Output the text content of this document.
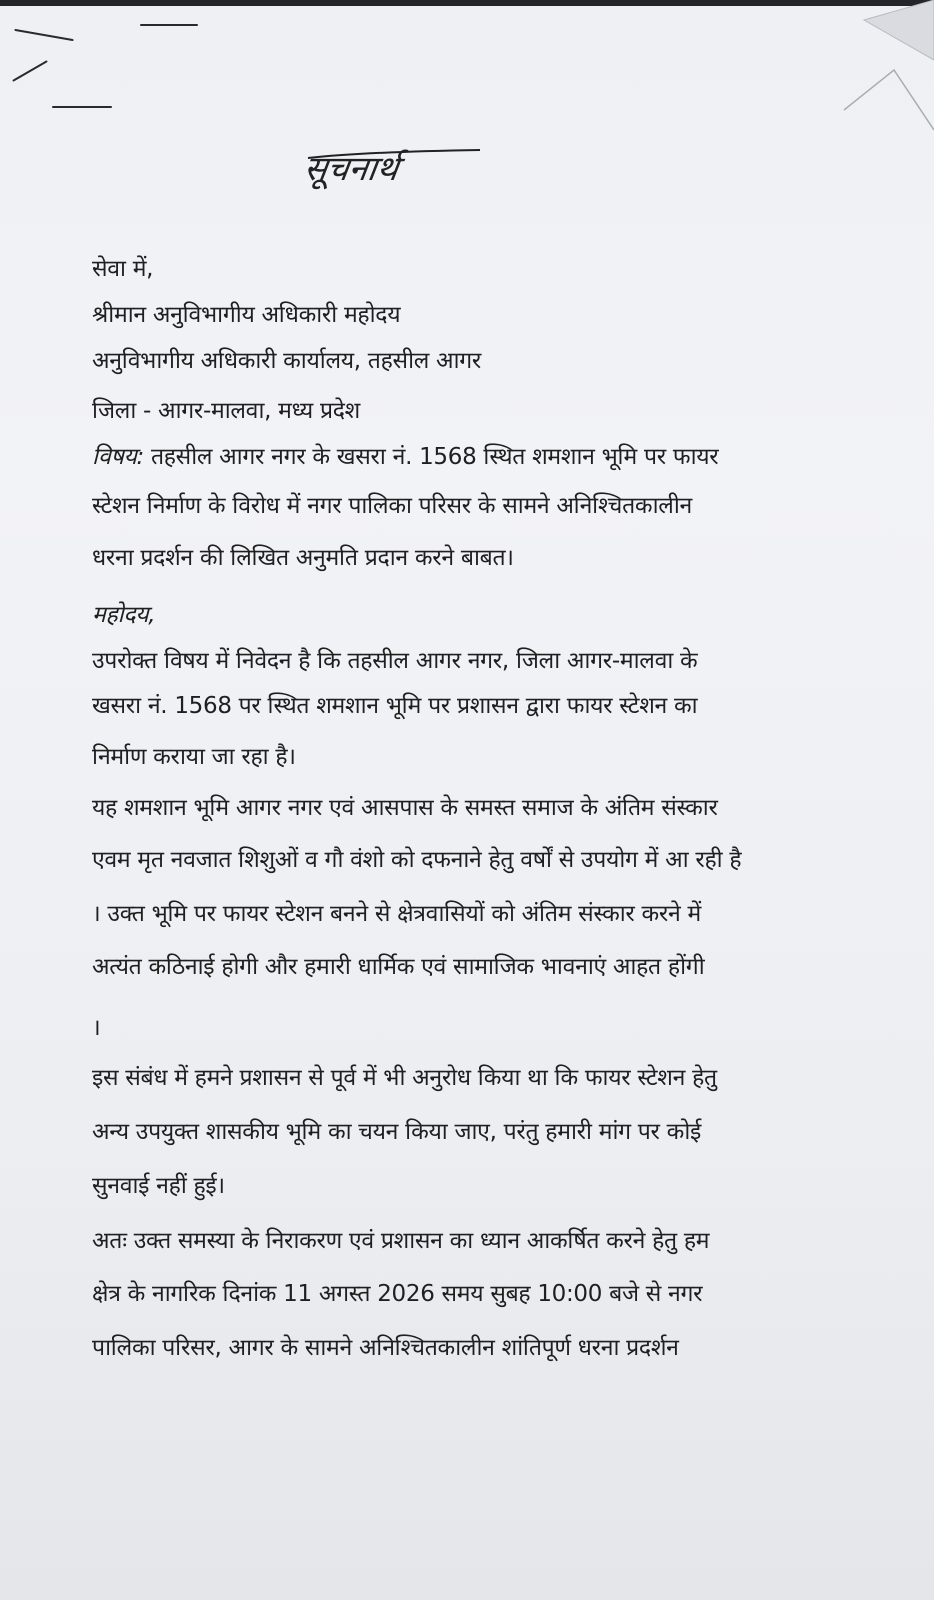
सूचनार्थ
सेवा में,
श्रीमान अनुविभागीय अधिकारी महोदय
अनुविभागीय अधिकारी कार्यालय, तहसील आगर
जिला - आगर-मालवा, मध्य प्रदेश
विषय: तहसील आगर नगर के खसरा नं. 1568 स्थित शमशान भूमि पर फायर
स्टेशन निर्माण के विरोध में नगर पालिका परिसर के सामने अनिश्चितकालीन
धरना प्रदर्शन की लिखित अनुमति प्रदान करने बाबत।
महोदय,
उपरोक्त विषय में निवेदन है कि तहसील आगर नगर, जिला आगर-मालवा के
खसरा नं. 1568 पर स्थित शमशान भूमि पर प्रशासन द्वारा फायर स्टेशन का
निर्माण कराया जा रहा है।
यह शमशान भूमि आगर नगर एवं आसपास के समस्त समाज के अंतिम संस्कार
एवम मृत नवजात शिशुओं व गौ वंशो को दफनाने हेतु वर्षों से उपयोग में आ रही है
। उक्त भूमि पर फायर स्टेशन बनने से क्षेत्रवासियों को अंतिम संस्कार करने में
अत्यंत कठिनाई होगी और हमारी धार्मिक एवं सामाजिक भावनाएं आहत होंगी
।
इस संबंध में हमने प्रशासन से पूर्व में भी अनुरोध किया था कि फायर स्टेशन हेतु
अन्य उपयुक्त शासकीय भूमि का चयन किया जाए, परंतु हमारी मांग पर कोई
सुनवाई नहीं हुई।
अतः उक्त समस्या के निराकरण एवं प्रशासन का ध्यान आकर्षित करने हेतु हम
क्षेत्र के नागरिक दिनांक 11 अगस्त 2026 समय सुबह 10:00 बजे से नगर
पालिका परिसर, आगर के सामने अनिश्चितकालीन शांतिपूर्ण धरना प्रदर्शन
